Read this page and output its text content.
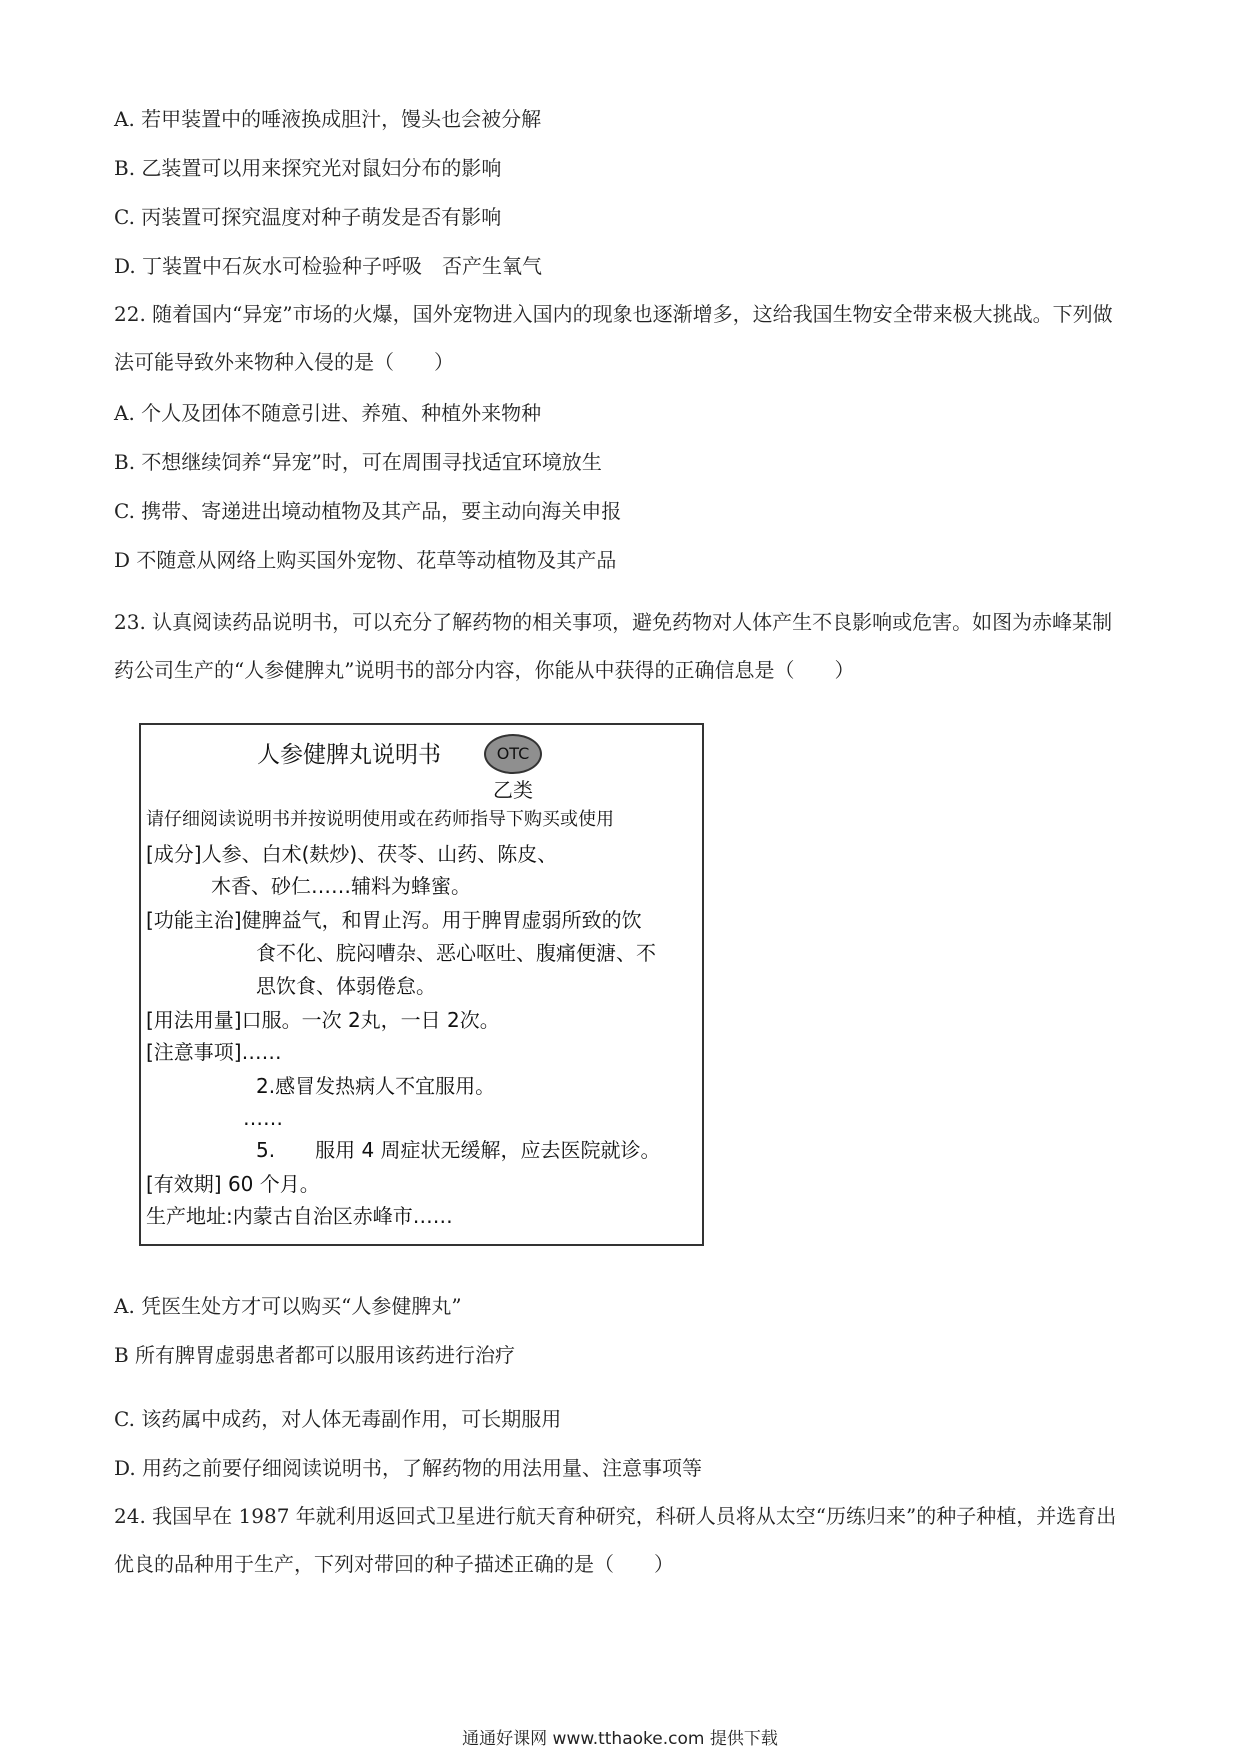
A. 若甲装置中的唾液换成胆汁，馒头也会被分解
B. 乙装置可以用来探究光对鼠妇分布的影响
C. 丙装置可探究温度对种子萌发是否有影响
D. 丁装置中石灰水可检验种子呼吸　否产生氧气
22. 随着国内“异宠”市场的火爆，国外宠物进入国内的现象也逐渐增多，这给我国生物安全带来极大挑战。下列做法可能导致外来物种入侵的是（　　）
A. 个人及团体不随意引进、养殖、种植外来物种
B. 不想继续饲养“异宠”时，可在周围寻找适宜环境放生
C. 携带、寄递进出境动植物及其产品，要主动向海关申报
D 不随意从网络上购买国外宠物、花草等动植物及其产品
23. 认真阅读药品说明书，可以充分了解药物的相关事项，避免药物对人体产生不良影响或危害。如图为赤峰某制药公司生产的“人参健脾丸”说明书的部分内容，你能从中获得的正确信息是（　　）
人参健脾丸说明书	OTC
乙类
请仔细阅读说明书并按说明使用或在药师指导下购买或使用
[成分]人参、白术(麸炒)、茯苓、山药、陈皮、
木香、砂仁……辅料为蜂蜜。
[功能主治]健脾益气，和胃止泻。用于脾胃虚弱所致的饮
食不化、脘闷嘈杂、恶心呕吐、腹痛便溏、不
思饮食、体弱倦怠。
[用法用量]口服。一次 2丸，一日 2次。
[注意事项]……
2.感冒发热病人不宜服用。
……
5.　　服用 4 周症状无缓解，应去医院就诊。
[有效期] 60 个月。
生产地址:内蒙古自治区赤峰市……
A. 凭医生处方才可以购买“人参健脾丸”
B 所有脾胃虚弱患者都可以服用该药进行治疗
C. 该药属中成药，对人体无毒副作用，可长期服用
D. 用药之前要仔细阅读说明书，了解药物的用法用量、注意事项等
24. 我国早在 1987 年就利用返回式卫星进行航天育种研究，科研人员将从太空“历练归来”的种子种植，并选育出优良的品种用于生产，下列对带回的种子描述正确的是（　　）
通通好课网 www.tthaoke.com 提供下载
